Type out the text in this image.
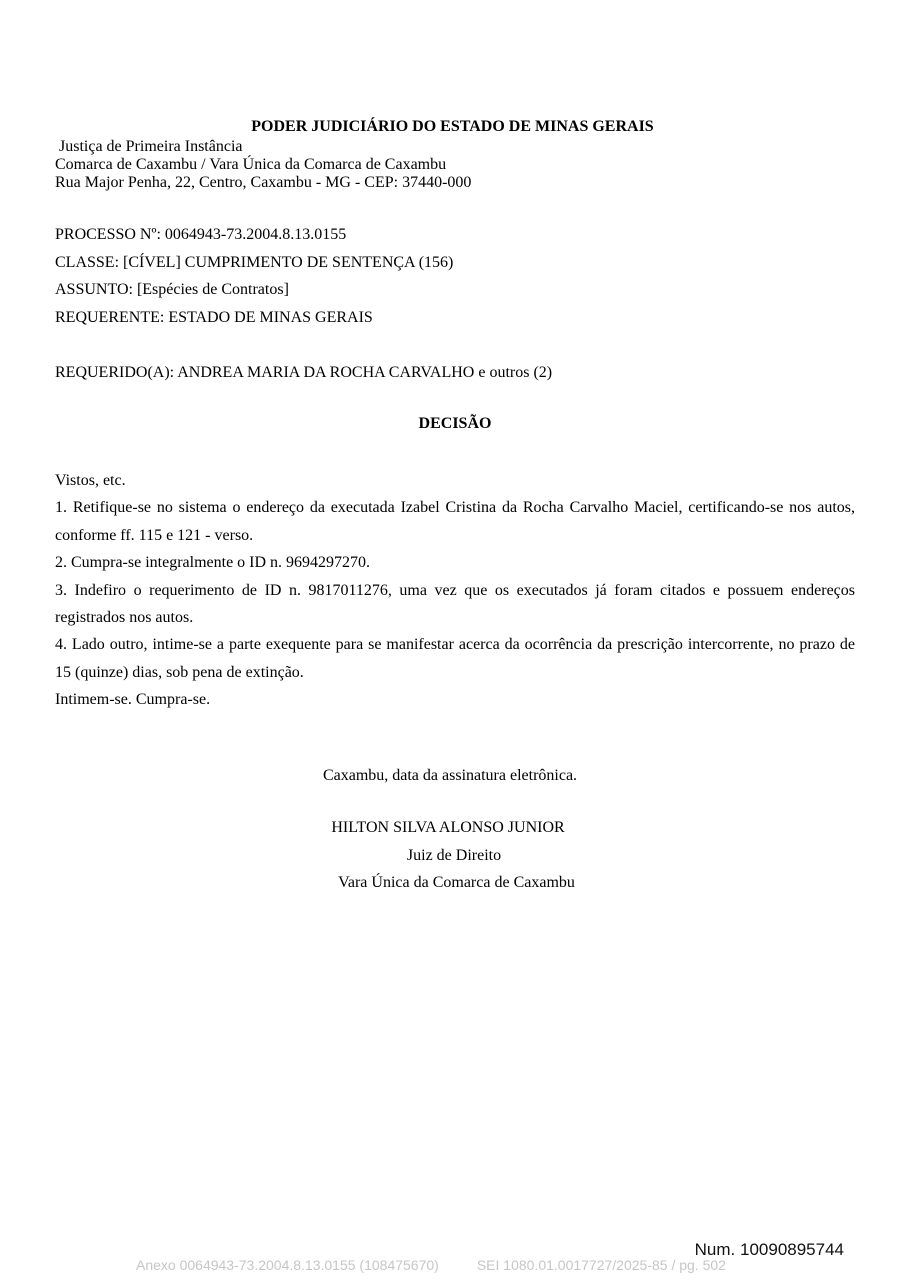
PODER JUDICIÁRIO DO ESTADO DE MINAS GERAIS
Justiça de Primeira Instância
Comarca de Caxambu / Vara Única da Comarca de Caxambu
Rua Major Penha, 22, Centro, Caxambu - MG - CEP: 37440-000
PROCESSO Nº: 0064943-73.2004.8.13.0155
CLASSE: [CÍVEL] CUMPRIMENTO DE SENTENÇA (156)
ASSUNTO: [Espécies de Contratos]
REQUERENTE: ESTADO DE MINAS GERAIS
REQUERIDO(A): ANDREA MARIA DA ROCHA CARVALHO e outros (2)
DECISÃO

Vistos, etc.

1. Retifique-se no sistema o endereço da executada Izabel Cristina da Rocha Carvalho Maciel, certificando-se nos autos, conforme ff. 115 e 121 - verso.

2. Cumpra-se integralmente o ID n. 9694297270.

3. Indefiro o requerimento de ID n. 9817011276, uma vez que os executados já foram citados e possuem endereços registrados nos autos.

4. Lado outro, intime-se a parte exequente para se manifestar acerca da ocorrência da prescrição intercorrente, no prazo de 15 (quinze) dias, sob pena de extinção.

Intimem-se. Cumpra-se.

Caxambu, data da assinatura eletrônica.
HILTON SILVA ALONSO JUNIOR
Juiz de Direito
Vara Única da Comarca de Caxambu
Num. 10090895744
Anexo 0064943-73.2004.8.13.0155 (108475670)	SEI 1080.01.0017727/2025-85 / pg. 502
